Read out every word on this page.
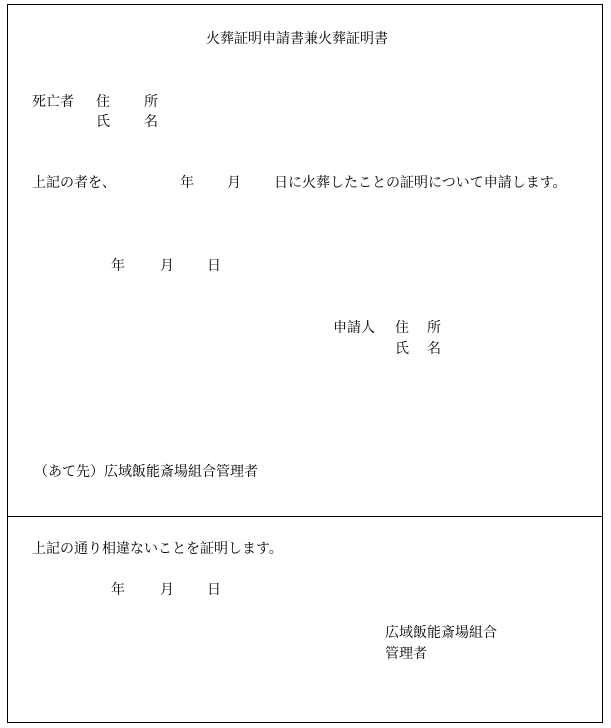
火葬証明申請書兼火葬証明書
死亡者 住 所
氏 名
上記の者を、	年 月 日に火葬したことの証明について申請します。
年	月 日
申請人 住 所
氏 名
（あて先）広域飯能斎場組合管理者
上記の通り相違ないことを証明します。
年	月 日
広域飯能斎場組合
管理者
